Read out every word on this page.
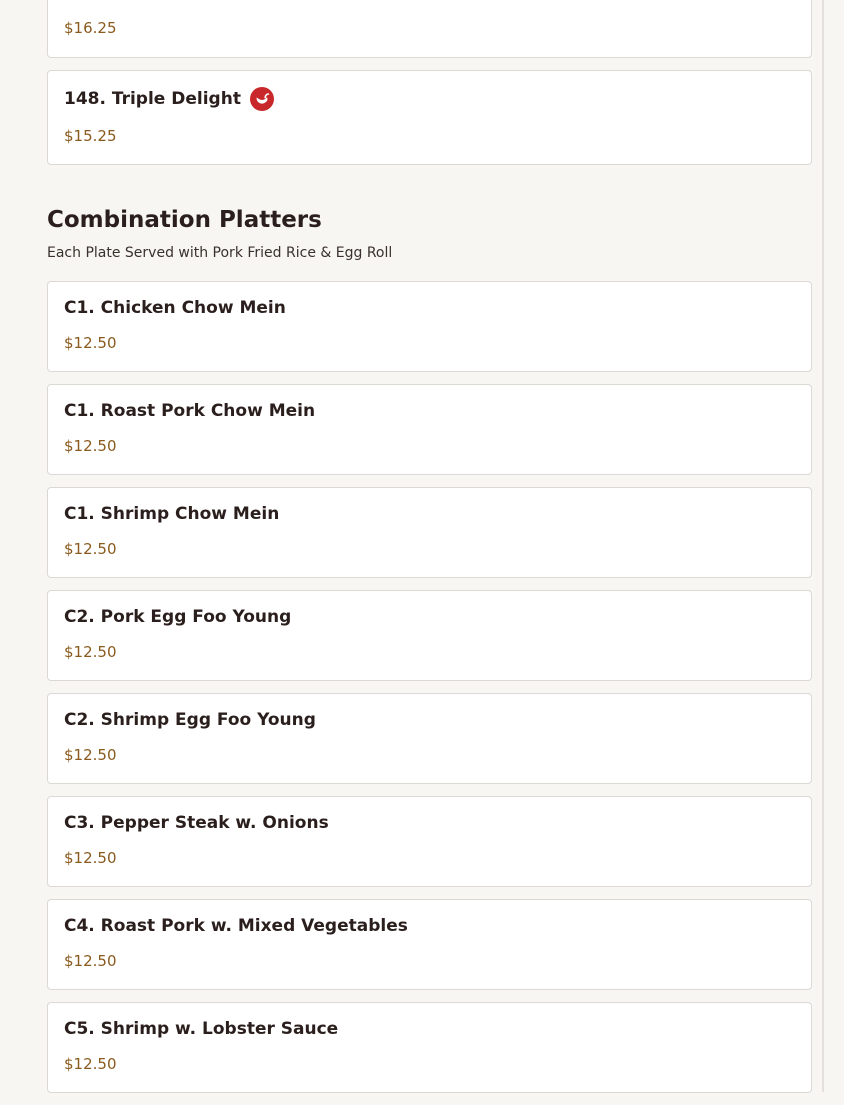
$16.25
148. Triple Delight
$15.25
Combination Platters

Each Plate Served with Pork Fried Rice & Egg Roll

C1. Chicken Chow Mein
$12.50
C1. Roast Pork Chow Mein
$12.50
C1. Shrimp Chow Mein
$12.50
C2. Pork Egg Foo Young
$12.50
C2. Shrimp Egg Foo Young
$12.50
C3. Pepper Steak w. Onions
$12.50
C4. Roast Pork w. Mixed Vegetables
$12.50
C5. Shrimp w. Lobster Sauce
$12.50
